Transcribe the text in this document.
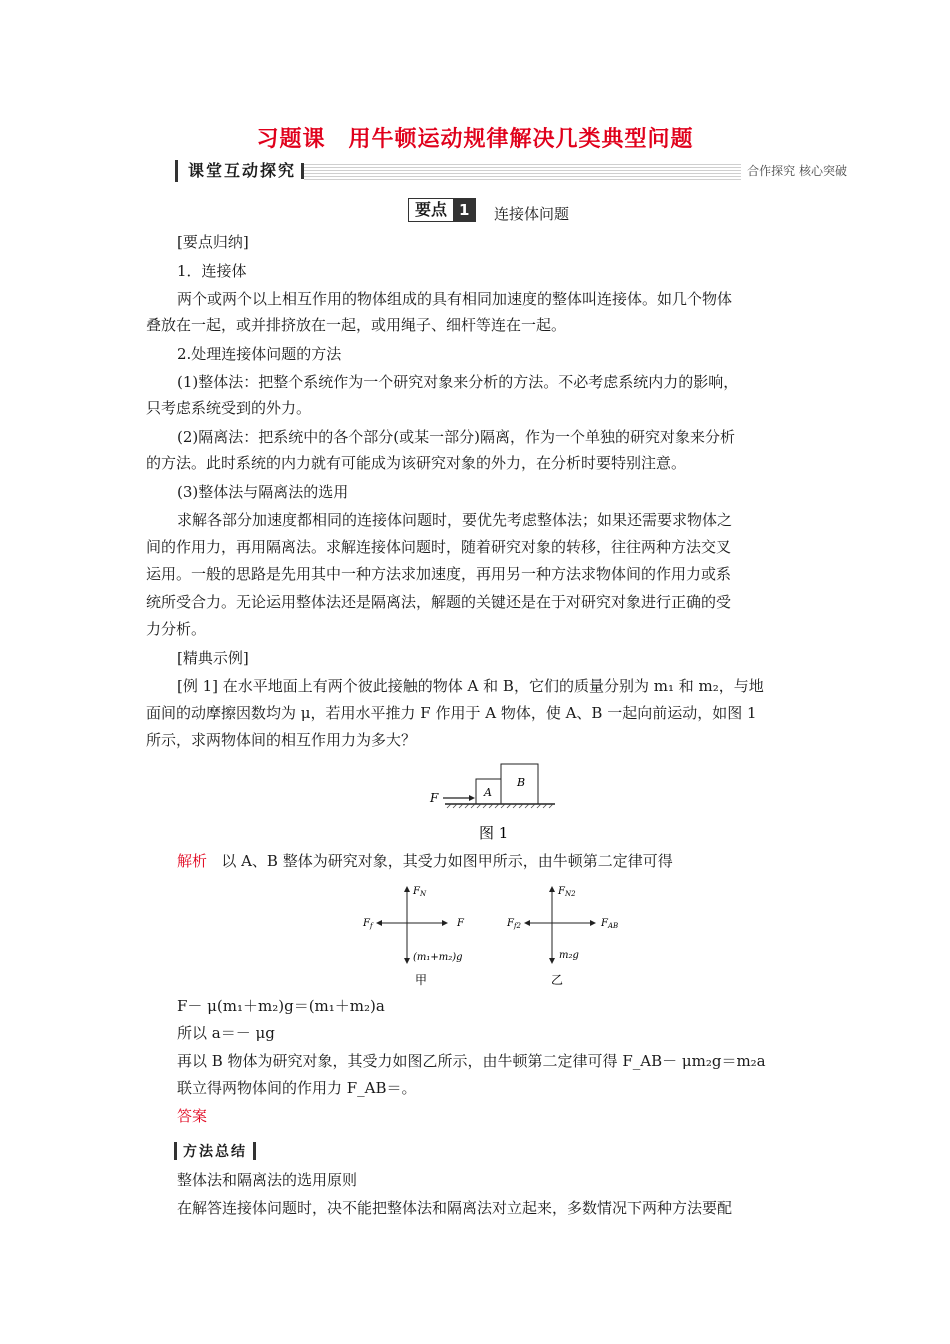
习题课　用牛顿运动规律解决几类典型问题
课堂互动探究	合作探究 核心突破
要点 1	连接体问题
[要点归纳]
1．连接体
两个或两个以上相互作用的物体组成的具有相同加速度的整体叫连接体。如几个物体
叠放在一起，或并排挤放在一起，或用绳子、细杆等连在一起。
2.处理连接体问题的方法
(1)整体法：把整个系统作为一个研究对象来分析的方法。不必考虑系统内力的影响，
只考虑系统受到的外力。
(2)隔离法：把系统中的各个部分(或某一部分)隔离，作为一个单独的研究对象来分析
的方法。此时系统的内力就有可能成为该研究对象的外力，在分析时要特别注意。
(3)整体法与隔离法的选用
求解各部分加速度都相同的连接体问题时，要优先考虑整体法；如果还需要求物体之
间的作用力，再用隔离法。求解连接体问题时，随着研究对象的转移，往往两种方法交叉
运用。一般的思路是先用其中一种方法求加速度，再用另一种方法求物体间的作用力或系
统所受合力。无论运用整体法还是隔离法，解题的关键还是在于对研究对象进行正确的受
力分析。
[精典示例]
[例 1] 在水平地面上有两个彼此接触的物体 A 和 B，它们的质量分别为 m₁ 和 m₂，与地
面间的动摩擦因数均为 μ，若用水平推力 F 作用于 A 物体，使 A、B 一起向前运动，如图 1
所示，求两物体间的相互作用力为多大？
F	A
B
图 1
解析 以 A、B 整体为研究对象，其受力如图甲所示，由牛顿第二定律可得
$F_N$
$F_f$	F
(m₁+m₂)g
甲
$F_{N2}$
$F_{f2}$	$F_{AB}$
m₂g
乙
F－ μ(m₁＋m₂)g＝(m₁＋m₂)a
所以 a＝－ μg
再以 B 物体为研究对象，其受力如图乙所示，由牛顿第二定律可得 F_AB－ μm₂g＝m₂a
联立得两物体间的作用力 F_AB＝。
答案
方法总结
整体法和隔离法的选用原则
在解答连接体问题时，决不能把整体法和隔离法对立起来，多数情况下两种方法要配
